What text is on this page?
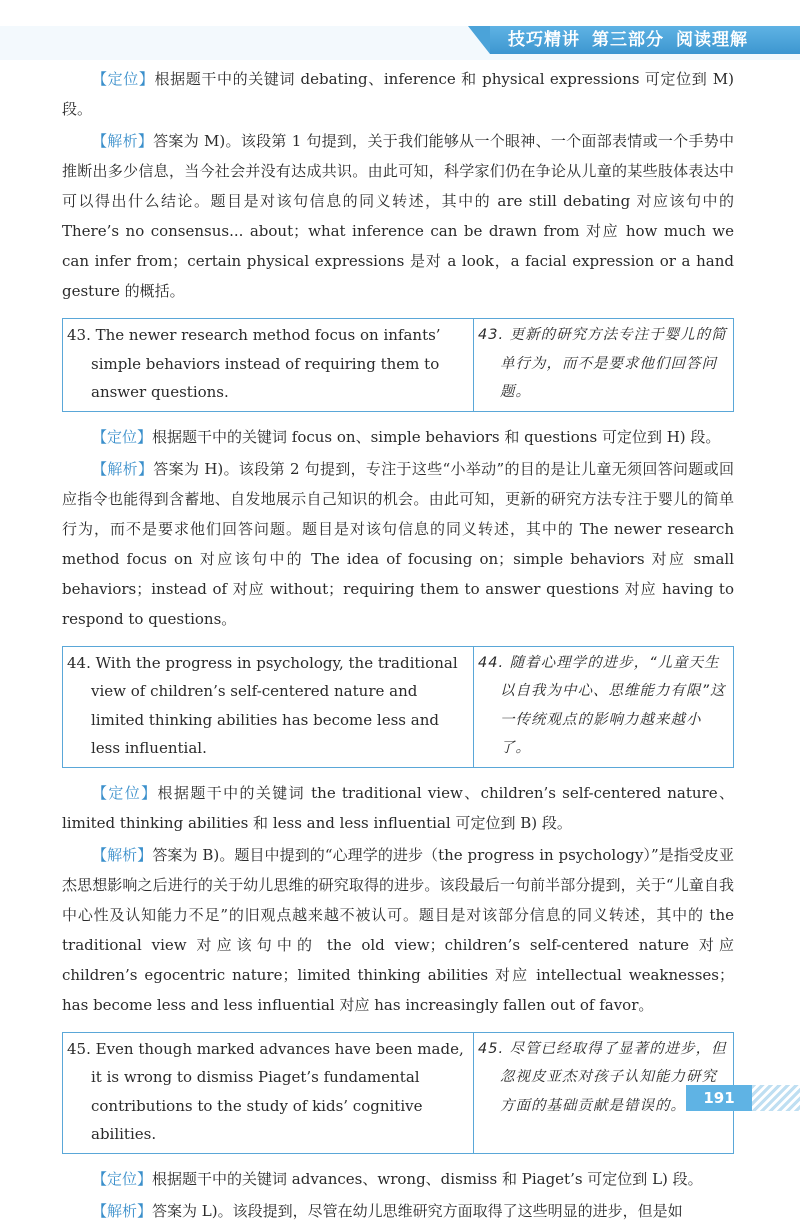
技巧精讲 第三部分 阅读理解

【定位】根据题干中的关键词 debating、inference 和 physical expressions 可定位到 M) 段。

【解析】答案为 M)。该段第 1 句提到，关于我们能够从一个眼神、一个面部表情或一个手势中推断出多少信息，当今社会并没有达成共识。由此可知，科学家们仍在争论从儿童的某些肢体表达中可以得出什么结论。题目是对该句信息的同义转述，其中的 are still debating 对应该句中的 There’s no consensus... about；what inference can be drawn from 对应 how much we can infer from；certain physical expressions 是对 a look，a facial expression or a hand gesture 的概括。

43. The newer research method focus on infants’ simple behaviors instead of requiring them to answer questions.	43. 更新的研究方法专注于婴儿的简单行为，而不是要求他们回答问题。

【定位】根据题干中的关键词 focus on、simple behaviors 和 questions 可定位到 H) 段。

【解析】答案为 H)。该段第 2 句提到，专注于这些“小举动”的目的是让儿童无须回答问题或回应指令也能得到含蓄地、自发地展示自己知识的机会。由此可知，更新的研究方法专注于婴儿的简单行为，而不是要求他们回答问题。题目是对该句信息的同义转述，其中的 The newer research method focus on 对应该句中的 The idea of focusing on；simple behaviors 对应 small behaviors；instead of 对应 without；requiring them to answer questions 对应 having to respond to questions。

44. With the progress in psychology, the traditional view of children’s self-centered nature and limited thinking abilities has become less and less influential.	44. 随着心理学的进步，“儿童天生以自我为中心、思维能力有限”这一传统观点的影响力越来越小了。

【定位】根据题干中的关键词 the traditional view、children’s self-centered nature、limited thinking abilities 和 less and less influential 可定位到 B) 段。

【解析】答案为 B)。题目中提到的“心理学的进步（the progress in psychology）”是指受皮亚杰思想影响之后进行的关于幼儿思维的研究取得的进步。该段最后一句前半部分提到，关于“儿童自我中心性及认知能力不足”的旧观点越来越不被认可。题目是对该部分信息的同义转述，其中的 the traditional view 对应该句中的 the old view；children’s self-centered nature 对应 children’s egocentric nature；limited thinking abilities 对应 intellectual weaknesses；has become less and less influential 对应 has increasingly fallen out of favor。

45. Even though marked advances have been made, it is wrong to dismiss Piaget’s fundamental contributions to the study of kids’ cognitive abilities.	45. 尽管已经取得了显著的进步，但忽视皮亚杰对孩子认知能力研究方面的基础贡献是错误的。

【定位】根据题干中的关键词 advances、wrong、dismiss 和 Piaget’s 可定位到 L) 段。

【解析】答案为 L)。该段提到，尽管在幼儿思维研究方面取得了这些明显的进步，但是如

191
